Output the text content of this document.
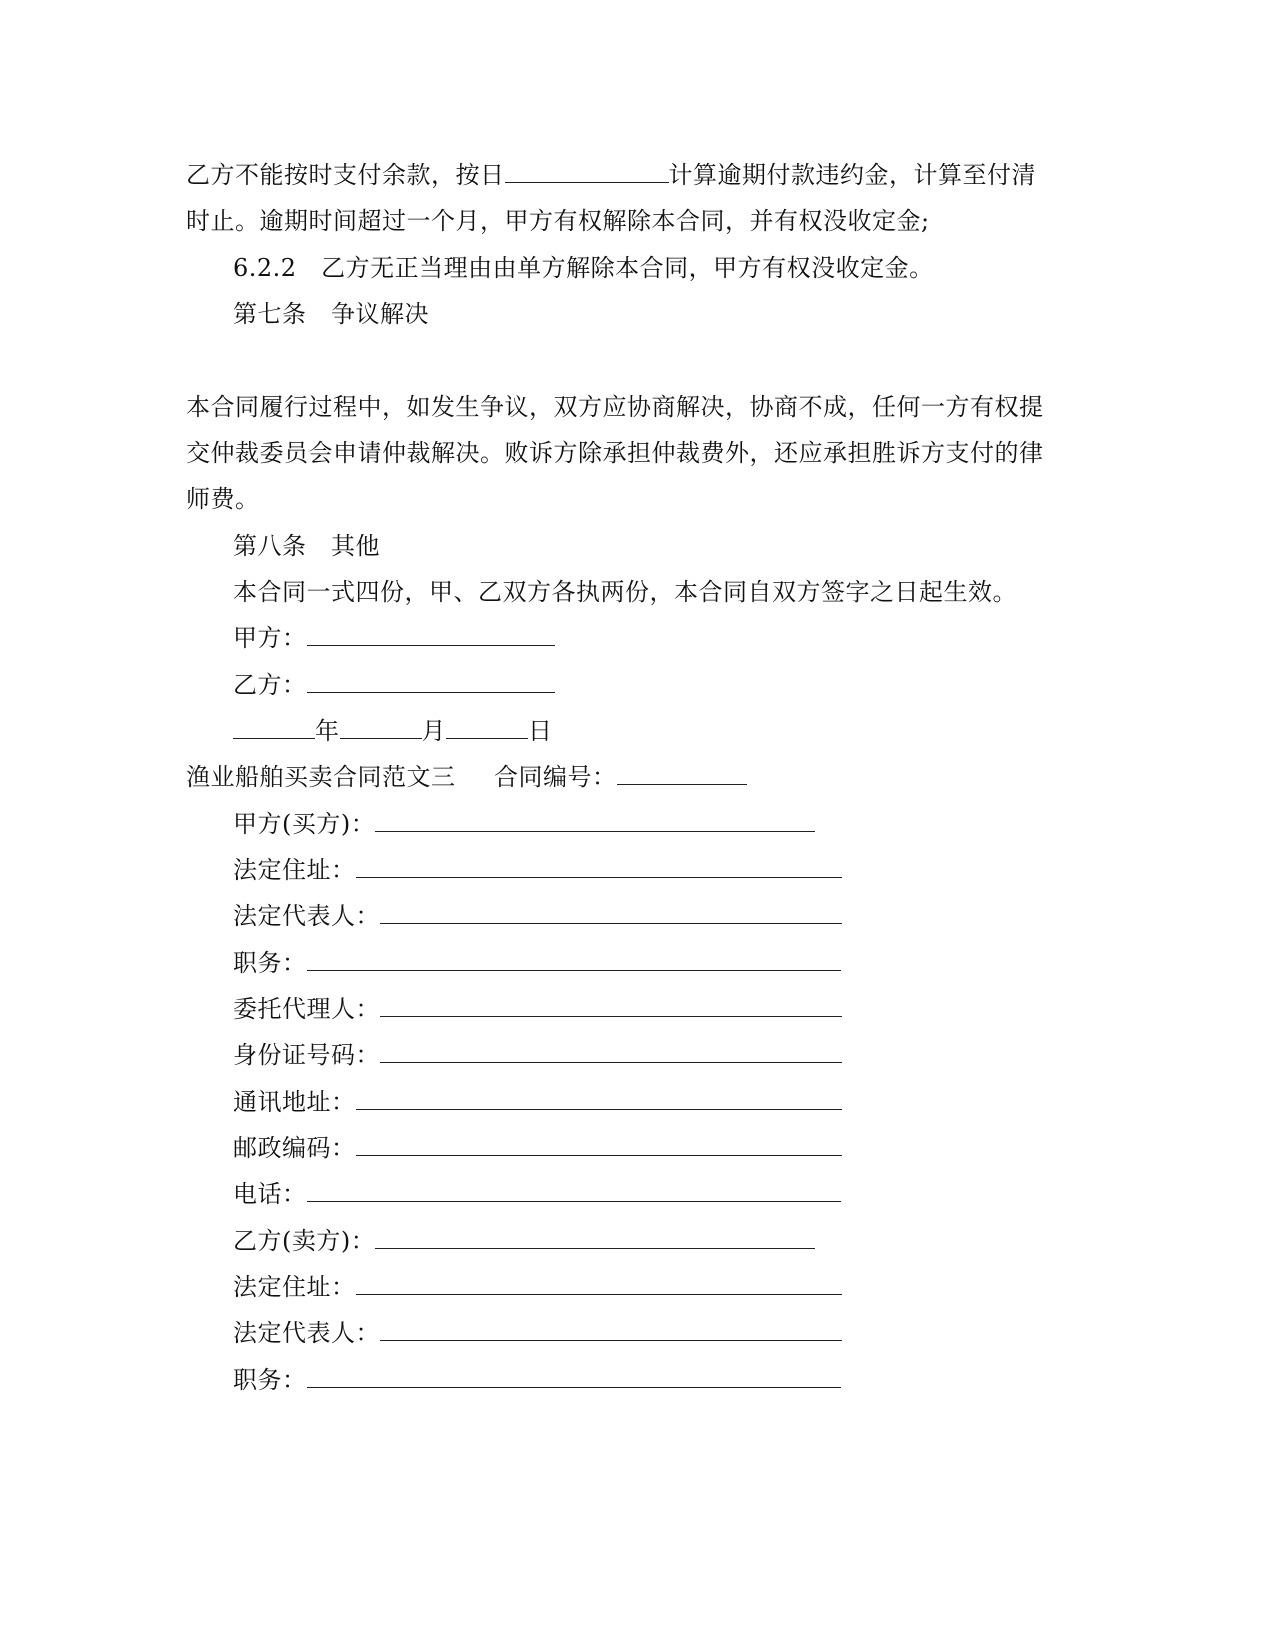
乙方不能按时支付余款，按日	计算逾期付款违约金，计算至付清
时止。逾期时间超过一个月，甲方有权解除本合同，并有权没收定金;
6.2.2　乙方无正当理由由单方解除本合同，甲方有权没收定金。
第七条　争议解决
本合同履行过程中，如发生争议，双方应协商解决，协商不成，任何一方有权提
交仲裁委员会申请仲裁解决。败诉方除承担仲裁费外，还应承担胜诉方支付的律
师费。
第八条　其他
本合同一式四份，甲、乙双方各执两份，本合同自双方签字之日起生效。
甲方：
乙方：
年	月	日
渔业船舶买卖合同范文三 合同编号：
甲方(买方)：
法定住址：
法定代表人：
职务：
委托代理人：
身份证号码：
通讯地址：
邮政编码：
电话：
乙方(卖方)：
法定住址：
法定代表人：
职务：
